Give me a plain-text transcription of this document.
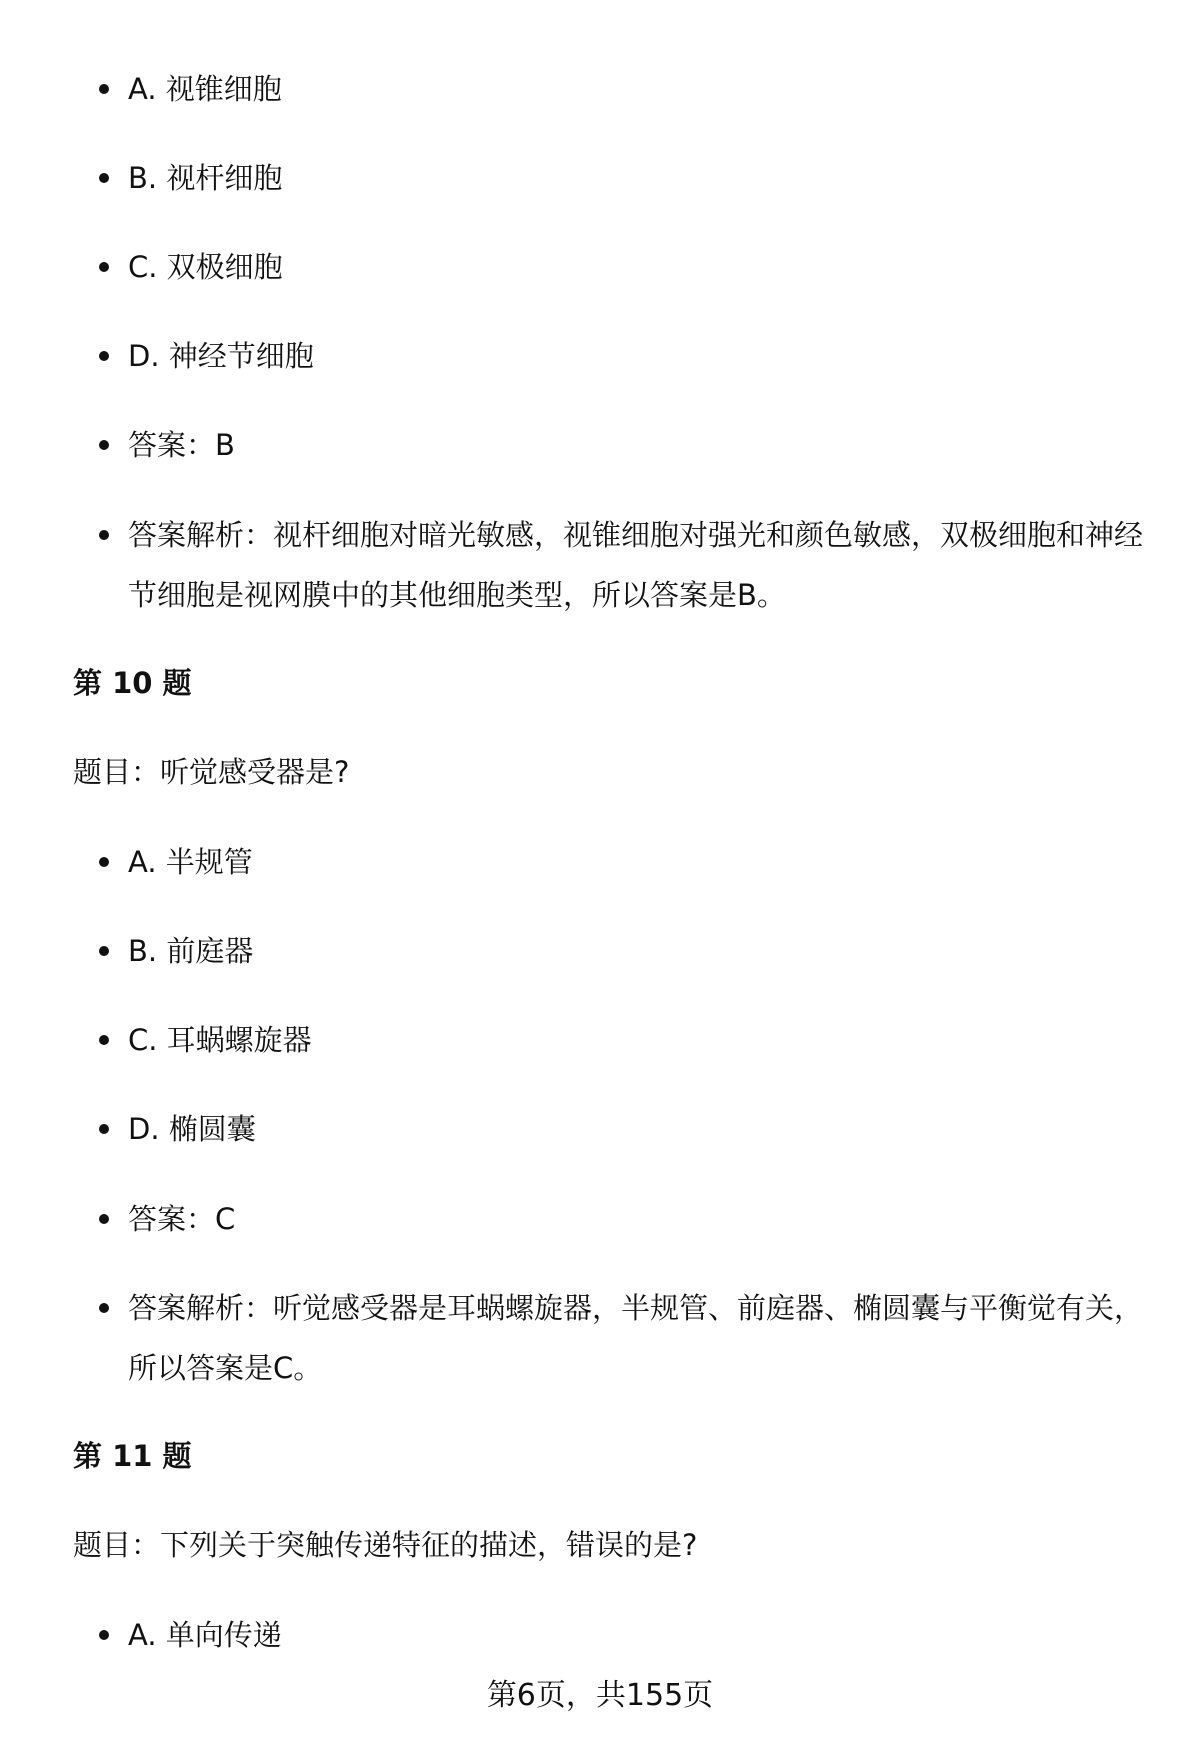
A. 视锥细胞
B. 视杆细胞
C. 双极细胞
D. 神经节细胞
答案：B
答案解析：视杆细胞对暗光敏感，视锥细胞对强光和颜色敏感，双极细胞和神经节细胞是视网膜中的其他细胞类型，所以答案是B。
第 10 题

题目：听觉感受器是?

A. 半规管
B. 前庭器
C. 耳蜗螺旋器
D. 椭圆囊
答案：C
答案解析：听觉感受器是耳蜗螺旋器，半规管、前庭器、椭圆囊与平衡觉有关，所以答案是C。
第 11 题

题目：下列关于突触传递特征的描述，错误的是?

A. 单向传递
第6页，共155页
